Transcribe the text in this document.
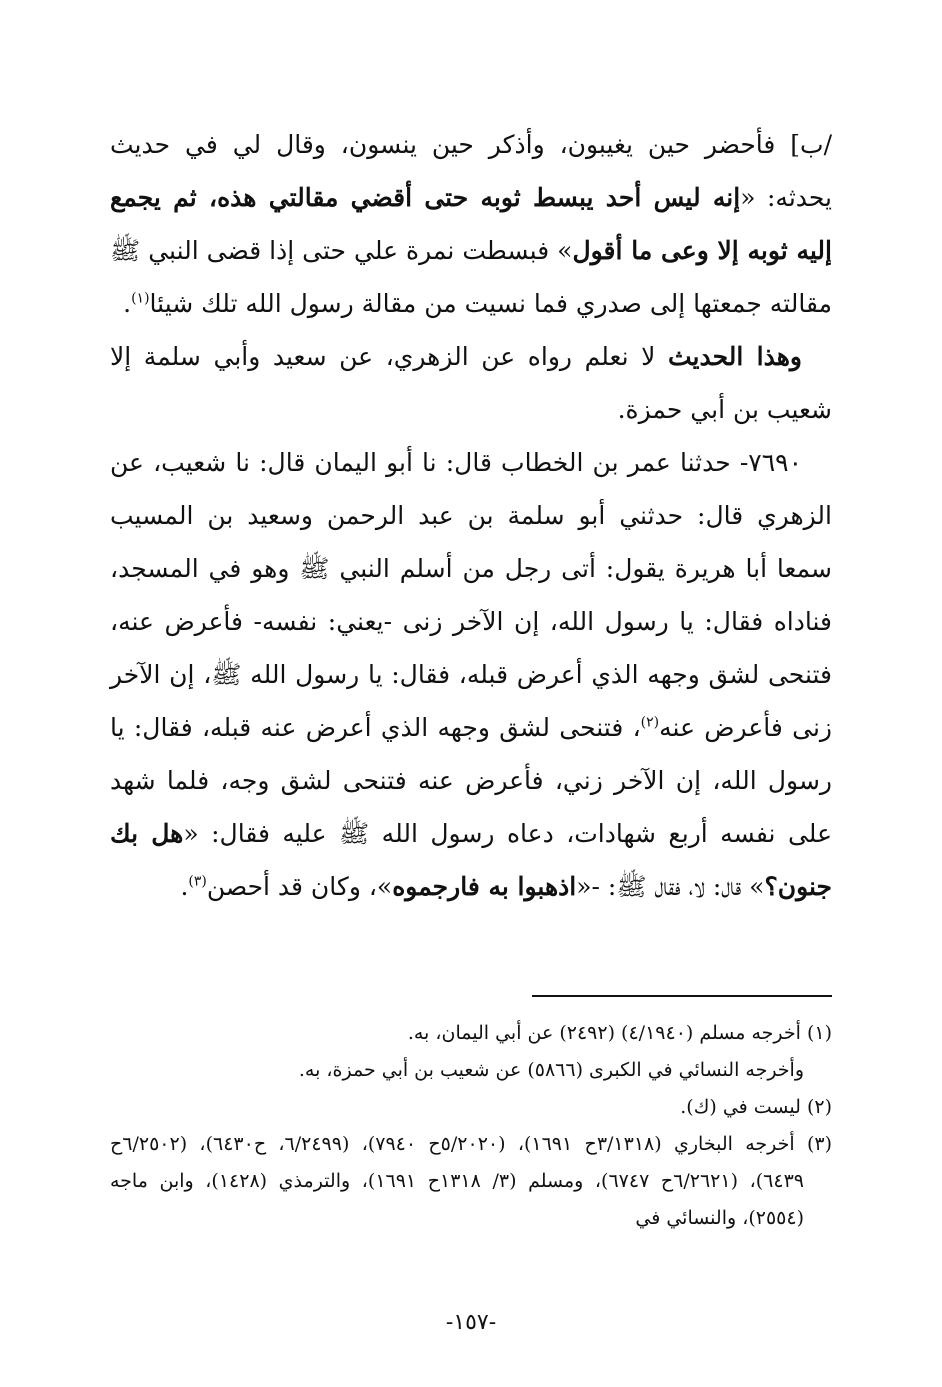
/ب] فأحضر حين يغيبون، وأذكر حين ينسون، وقال لي في حديث يحدثه: «إنه ليس أحد يبسط ثوبه حتى أقضي مقالتي هذه، ثم يجمع إليه ثوبه إلا وعى ما أقول» فبسطت نمرة علي حتى إذا قضى النبي ﷺ مقالته جمعتها إلى صدري فما نسيت من مقالة رسول الله تلك شيئا$^{(١)}$.

وهذا الحديث لا نعلم رواه عن الزهري، عن سعيد وأبي سلمة إلا شعيب بن أبي حمزة.

٧٦٩٠- حدثنا عمر بن الخطاب قال: نا أبو اليمان قال: نا شعيب، عن الزهري قال: حدثني أبو سلمة بن عبد الرحمن وسعيد بن المسيب سمعا أبا هريرة يقول: أتى رجل من أسلم النبي ﷺ وهو في المسجد، فناداه فقال: يا رسول الله، إن الآخر زنى -يعني: نفسه- فأعرض عنه، فتنحى لشق وجهه الذي أعرض قبله، فقال: يا رسول الله ﷺ، إن الآخر زنى فأعرض عنه$^{(٢)}$، فتنحى لشق وجهه الذي أعرض عنه قبله، فقال: يا رسول الله، إن الآخر زني، فأعرض عنه فتنحى لشق وجه، فلما شهد على نفسه أربع شهادات، دعاه رسول الله ﷺ عليه فقال: «هل بك جنون؟» قال: لا، فقال ﷺ: -«اذهبوا به فارجموه»، وكان قد أحصن$^{(٣)}$.

(١) أخرجه مسلم (٤/١٩٤٠) (٢٤٩٢) عن أبي اليمان، به.

وأخرجه النسائي في الكبرى (٥٨٦٦) عن شعيب بن أبي حمزة، به.

(٢) ليست في (ك).

(٣) أخرجه البخاري (٣/١٣١٨ح ١٦٩١)، (٥/٢٠٢٠ح ٧٩٤٠)، (٦/٢٤٩٩، ح٦٤٣٠)، (٦/٢٥٠٢ح ٦٤٣٩)، (٦/٢٦٢١ح ٦٧٤٧)، ومسلم (٣/ ١٣١٨ح ١٦٩١)، والترمذي (١٤٢٨)، وابن ماجه (٢٥٥٤)، والنسائي في

-١٥٧-
